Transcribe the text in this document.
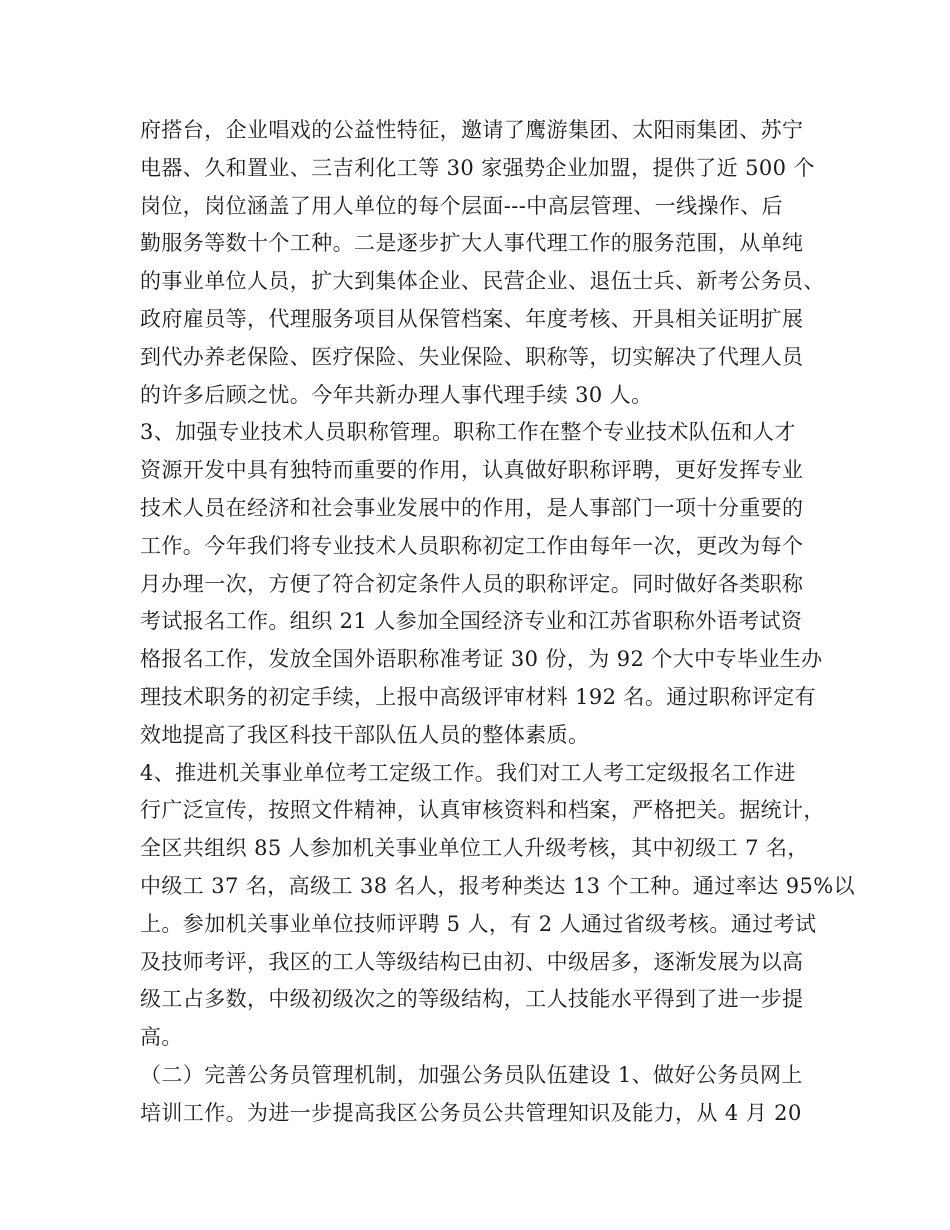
府搭台，企业唱戏的公益性特征，邀请了鹰游集团、太阳雨集团、苏宁
电器、久和置业、三吉利化工等 30 家强势企业加盟，提供了近 500 个
岗位，岗位涵盖了用人单位的每个层面---中高层管理、一线操作、后
勤服务等数十个工种。二是逐步扩大人事代理工作的服务范围，从单纯
的事业单位人员，扩大到集体企业、民营企业、退伍士兵、新考公务员、
政府雇员等，代理服务项目从保管档案、年度考核、开具相关证明扩展
到代办养老保险、医疗保险、失业保险、职称等，切实解决了代理人员
的许多后顾之忧。今年共新办理人事代理手续 30 人。
3、加强专业技术人员职称管理。职称工作在整个专业技术队伍和人才
资源开发中具有独特而重要的作用，认真做好职称评聘，更好发挥专业
技术人员在经济和社会事业发展中的作用，是人事部门一项十分重要的
工作。今年我们将专业技术人员职称初定工作由每年一次，更改为每个
月办理一次，方便了符合初定条件人员的职称评定。同时做好各类职称
考试报名工作。组织 21 人参加全国经济专业和江苏省职称外语考试资
格报名工作，发放全国外语职称准考证 30 份，为 92 个大中专毕业生办
理技术职务的初定手续，上报中高级评审材料 192 名。通过职称评定有
效地提高了我区科技干部队伍人员的整体素质。
4、推进机关事业单位考工定级工作。我们对工人考工定级报名工作进
行广泛宣传，按照文件精神，认真审核资料和档案，严格把关。据统计，
全区共组织 85 人参加机关事业单位工人升级考核，其中初级工 7 名，
中级工 37 名，高级工 38 名人，报考种类达 13 个工种。通过率达 95%以
上。参加机关事业单位技师评聘 5 人，有 2 人通过省级考核。通过考试
及技师考评，我区的工人等级结构已由初、中级居多，逐渐发展为以高
级工占多数，中级初级次之的等级结构，工人技能水平得到了进一步提
高。
（二）完善公务员管理机制，加强公务员队伍建设 1、做好公务员网上
培训工作。为进一步提高我区公务员公共管理知识及能力，从 4 月 20
